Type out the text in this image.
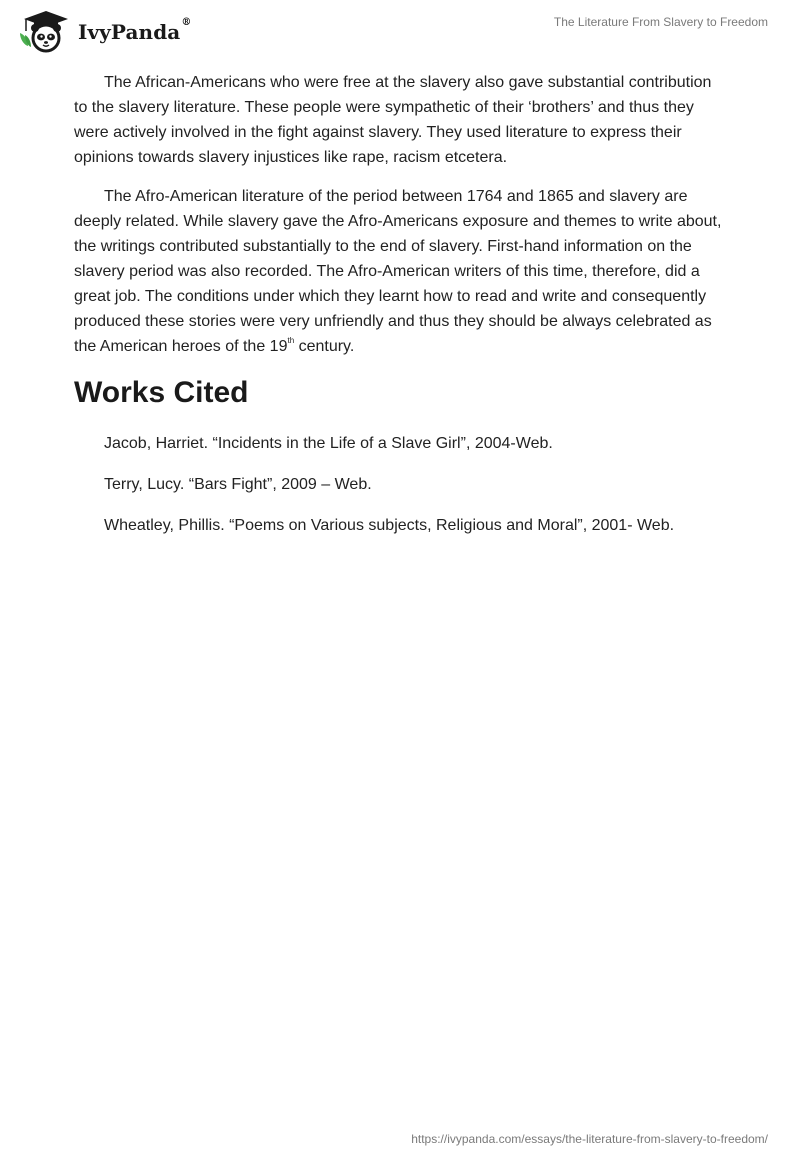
IvyPanda®	The Literature From Slavery to Freedom

The African-Americans who were free at the slavery also gave substantial contribution to the slavery literature. These people were sympathetic of their ‘brothers’ and thus they were actively involved in the fight against slavery. They used literature to express their opinions towards slavery injustices like rape, racism etcetera.

The Afro-American literature of the period between 1764 and 1865 and slavery are deeply related. While slavery gave the Afro-Americans exposure and themes to write about, the writings contributed substantially to the end of slavery. First-hand information on the slavery period was also recorded. The Afro-American writers of this time, therefore, did a great job. The conditions under which they learnt how to read and write and consequently produced these stories were very unfriendly and thus they should be always celebrated as the American heroes of the 19th century.

Works Cited

Jacob, Harriet. “Incidents in the Life of a Slave Girl”, 2004-Web.

Terry, Lucy. “Bars Fight”, 2009 – Web.

Wheatley, Phillis. “Poems on Various subjects, Religious and Moral”, 2001- Web.

https://ivypanda.com/essays/the-literature-from-slavery-to-freedom/
